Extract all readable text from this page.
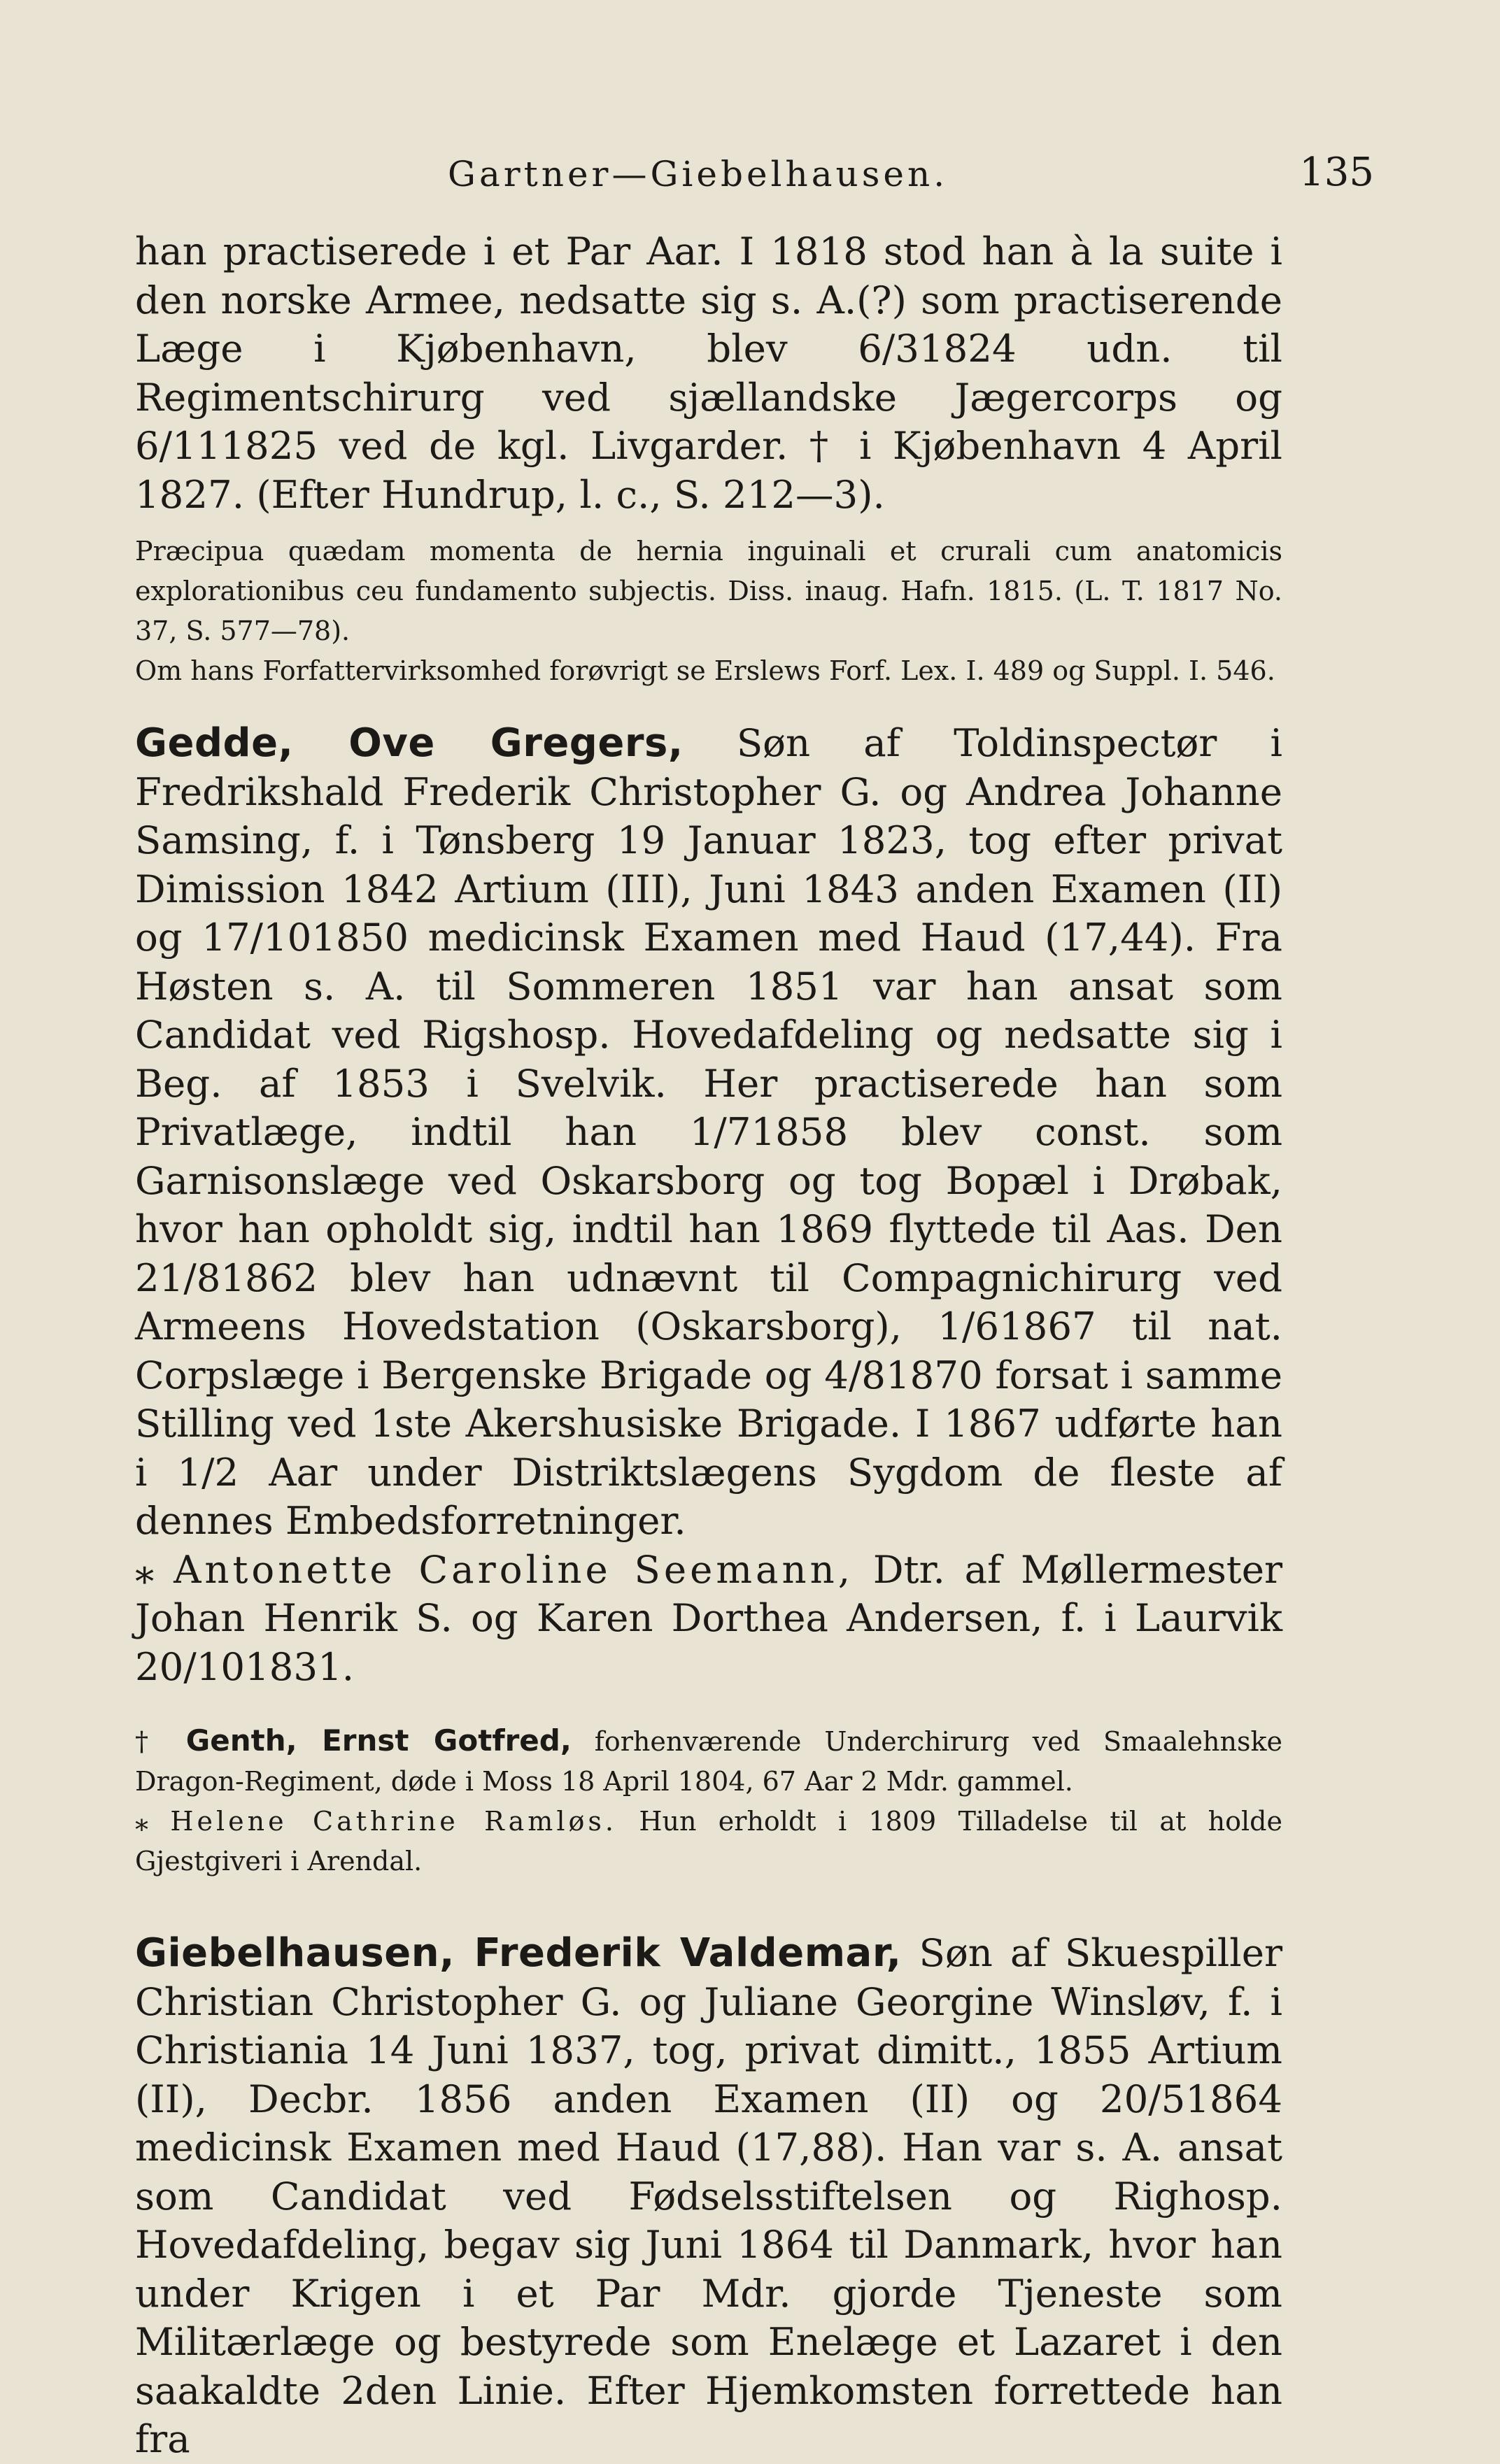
Gartner—Giebelhausen.	135

han practiserede i et Par Aar. I 1818 stod han à la suite i den norske Armee, nedsatte sig s. A.(?) som practiserende Læge i Kjøbenhavn, blev 6/31824 udn. til Regimentschirurg ved sjællandske Jægercorps og 6/111825 ved de kgl. Livgarder. † i Kjøbenhavn 4 April 1827. (Efter Hundrup, l. c., S. 212—3).

Præcipua quædam momenta de hernia inguinali et crurali cum anatomicis explorationibus ceu fundamento subjectis. Diss. inaug. Hafn. 1815. (L. T. 1817 No. 37, S. 577—78).

Om hans Forfattervirksomhed forøvrigt se Erslews Forf. Lex. I. 489 og Suppl. I. 546.

Gedde, Ove Gregers, Søn af Toldinspectør i Fredrikshald Frederik Christopher G. og Andrea Johanne Samsing, f. i Tønsberg 19 Januar 1823, tog efter privat Dimission 1842 Artium (III), Juni 1843 anden Examen (II) og 17/101850 medicinsk Examen med Haud (17,44). Fra Høsten s. A. til Sommeren 1851 var han ansat som Candidat ved Rigshosp. Hovedafdeling og nedsatte sig i Beg. af 1853 i Svelvik. Her practiserede han som Privatlæge, indtil han 1/71858 blev const. som Garnisonslæge ved Oskarsborg og tog Bopæl i Drøbak, hvor han opholdt sig, indtil han 1869 flyttede til Aas. Den 21/81862 blev han udnævnt til Compagnichirurg ved Armeens Hovedstation (Oskarsborg), 1/61867 til nat. Corpslæge i Bergenske Brigade og 4/81870 forsat i samme Stilling ved 1ste Akershusiske Brigade. I 1867 udførte han i 1/2 Aar under Distriktslægens Sygdom de fleste af dennes Embedsforretninger.

⁎ Antonette Caroline Seemann, Dtr. af Møllermester Johan Henrik S. og Karen Dorthea Andersen, f. i Laurvik 20/101831.

† Genth, Ernst Gotfred, forhenværende Underchirurg ved Smaalehnske Dragon-Regiment, døde i Moss 18 April 1804, 67 Aar 2 Mdr. gammel.

⁎ Helene Cathrine Ramløs. Hun erholdt i 1809 Tilladelse til at holde Gjestgiveri i Arendal.

Giebelhausen, Frederik Valdemar, Søn af Skuespiller Christian Christopher G. og Juliane Georgine Winsløv, f. i Christiania 14 Juni 1837, tog, privat dimitt., 1855 Artium (II), Decbr. 1856 anden Examen (II) og 20/51864 medicinsk Examen med Haud (17,88). Han var s. A. ansat som Candidat ved Fødselsstiftelsen og Righosp. Hovedafdeling, begav sig Juni 1864 til Danmark, hvor han under Krigen i et Par Mdr. gjorde Tjeneste som Militærlæge og bestyrede som Enelæge et Lazaret i den saakaldte 2den Linie. Efter Hjemkomsten forrettede han fra
